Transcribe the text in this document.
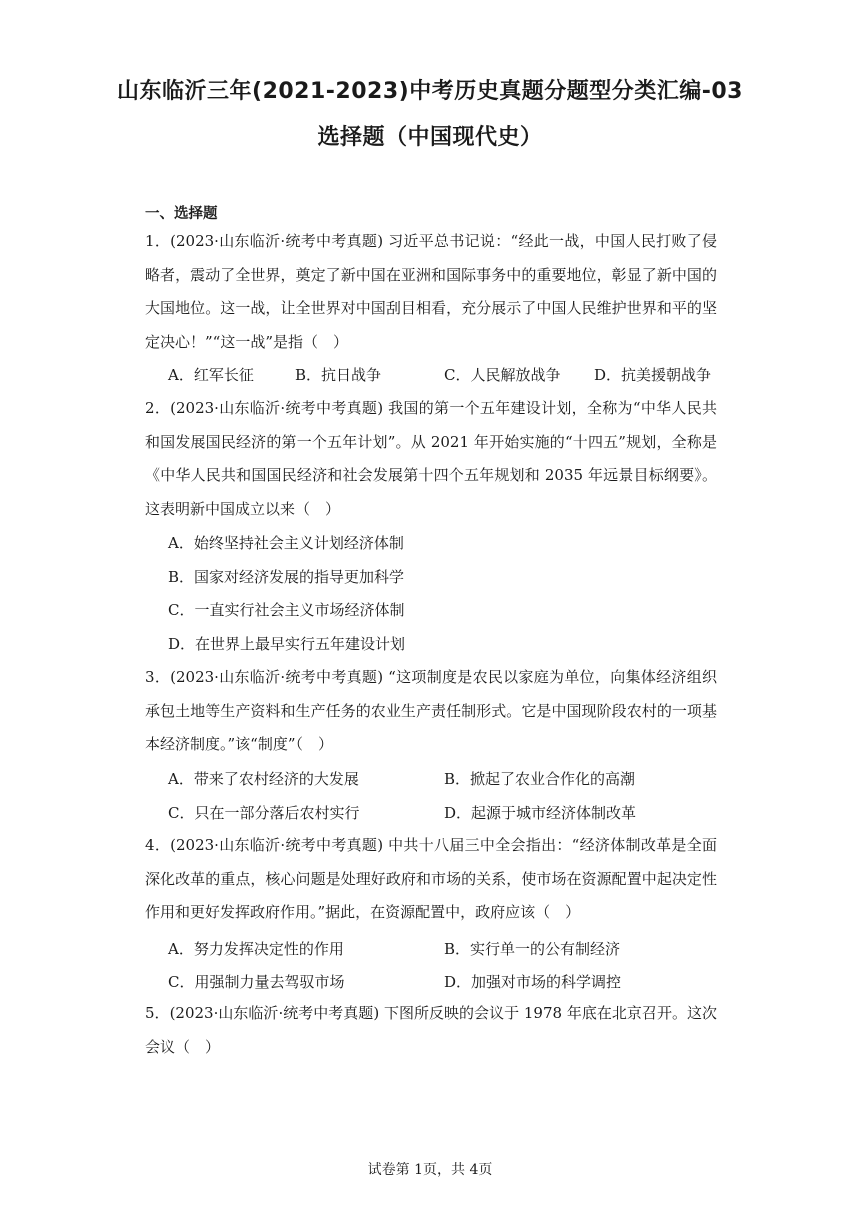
山东临沂三年(2021-2023)中考历史真题分题型分类汇编-03
选择题（中国现代史）
一、选择题
1．(2023·山东临沂·统考中考真题) 习近平总书记说：“经此一战，中国人民打败了侵略者，震动了全世界，奠定了新中国在亚洲和国际事务中的重要地位，彰显了新中国的大国地位。这一战，让全世界对中国刮目相看，充分展示了中国人民维护世界和平的坚定决心！”“这一战”是指（　）
A．红军长征	B．抗日战争	C．人民解放战争 D．抗美援朝战争
2．(2023·山东临沂·统考中考真题) 我国的第一个五年建设计划，全称为“中华人民共和国发展国民经济的第一个五年计划”。从 2021 年开始实施的“十四五”规划，全称是《中华人民共和国国民经济和社会发展第十四个五年规划和 2035 年远景目标纲要》。这表明新中国成立以来（　）
A．始终坚持社会主义计划经济体制
B．国家对经济发展的指导更加科学
C．一直实行社会主义市场经济体制
D．在世界上最早实行五年建设计划
3．(2023·山东临沂·统考中考真题) “这项制度是农民以家庭为单位，向集体经济组织承包土地等生产资料和生产任务的农业生产责任制形式。它是中国现阶段农村的一项基本经济制度。”该“制度”（　）
A．带来了农村经济的大发展	B．掀起了农业合作化的高潮
C．只在一部分落后农村实行	D．起源于城市经济体制改革
4．(2023·山东临沂·统考中考真题) 中共十八届三中全会指出：“经济体制改革是全面深化改革的重点，核心问题是处理好政府和市场的关系，使市场在资源配置中起决定性作用和更好发挥政府作用。”据此，在资源配置中，政府应该（　）
A．努力发挥决定性的作用	B．实行单一的公有制经济
C．用强制力量去驾驭市场	D．加强对市场的科学调控
5．(2023·山东临沂·统考中考真题) 下图所反映的会议于 1978 年底在北京召开。这次会议（　）
试卷第 1页，共 4页
